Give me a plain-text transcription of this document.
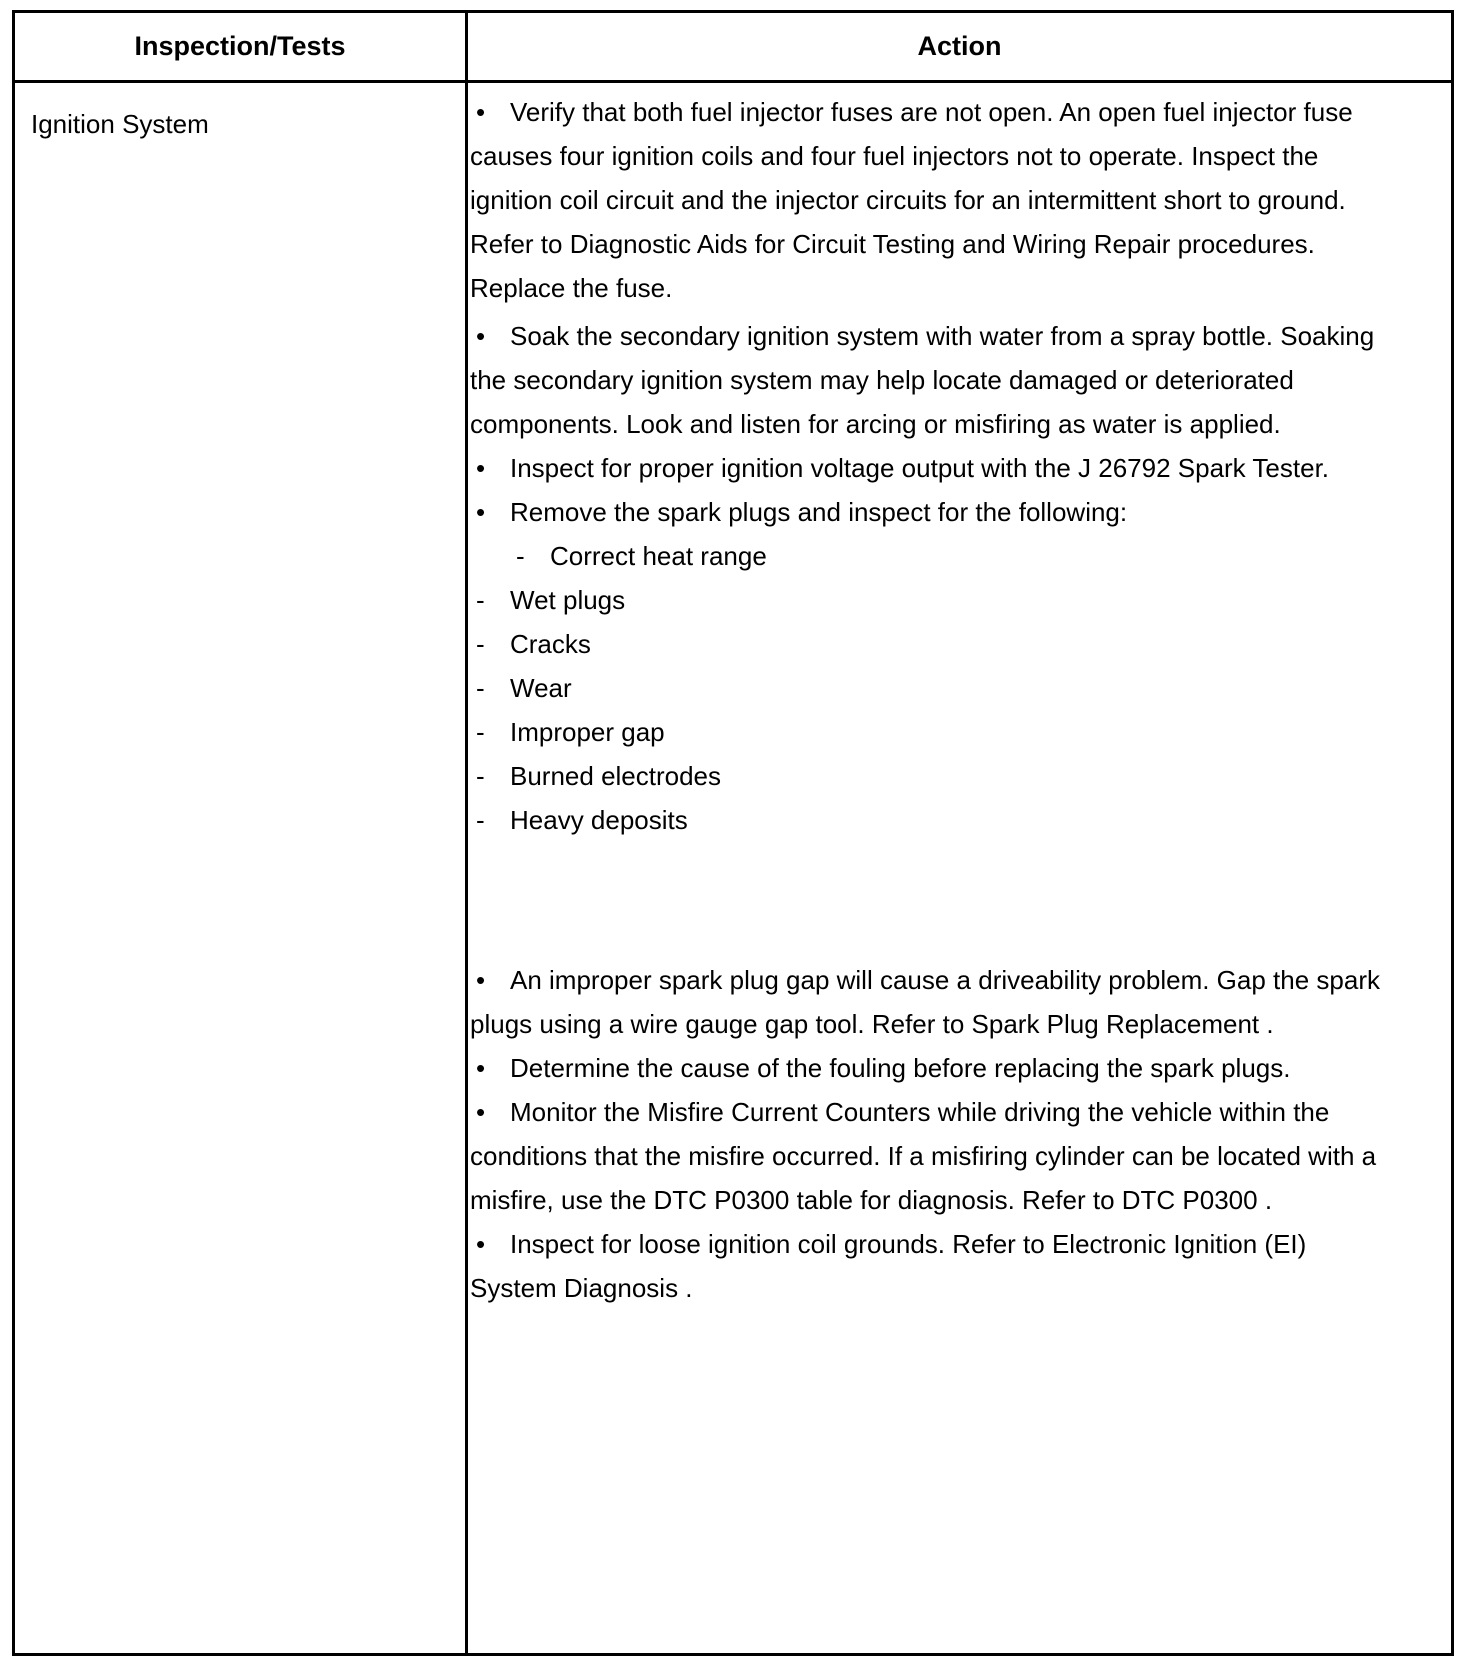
Inspection/Tests	Action
Ignition System	• Verify that both fuel injector fuses are not open. An open fuel injector fuse causes four ignition coils and four fuel injectors not to operate. Inspect the ignition coil circuit and the injector circuits for an intermittent short to ground. Refer to Diagnostic Aids for Circuit Testing and Wiring Repair procedures. Replace the fuse.

• Soak the secondary ignition system with water from a spray bottle. Soaking the secondary ignition system may help locate damaged or deteriorated components. Look and listen for arcing or misfiring as water is applied.

• Inspect for proper ignition voltage output with the J 26792 Spark Tester.

• Remove the spark plugs and inspect for the following:

- Correct heat range

- Wet plugs

- Cracks

- Wear

- Improper gap

- Burned electrodes

- Heavy deposits

• An improper spark plug gap will cause a driveability problem. Gap the spark plugs using a wire gauge gap tool. Refer to Spark Plug Replacement .

• Determine the cause of the fouling before replacing the spark plugs.

• Monitor the Misfire Current Counters while driving the vehicle within the conditions that the misfire occurred. If a misfiring cylinder can be located with a misfire, use the DTC P0300 table for diagnosis. Refer to DTC P0300 .

• Inspect for loose ignition coil grounds. Refer to Electronic Ignition (EI) System Diagnosis .
